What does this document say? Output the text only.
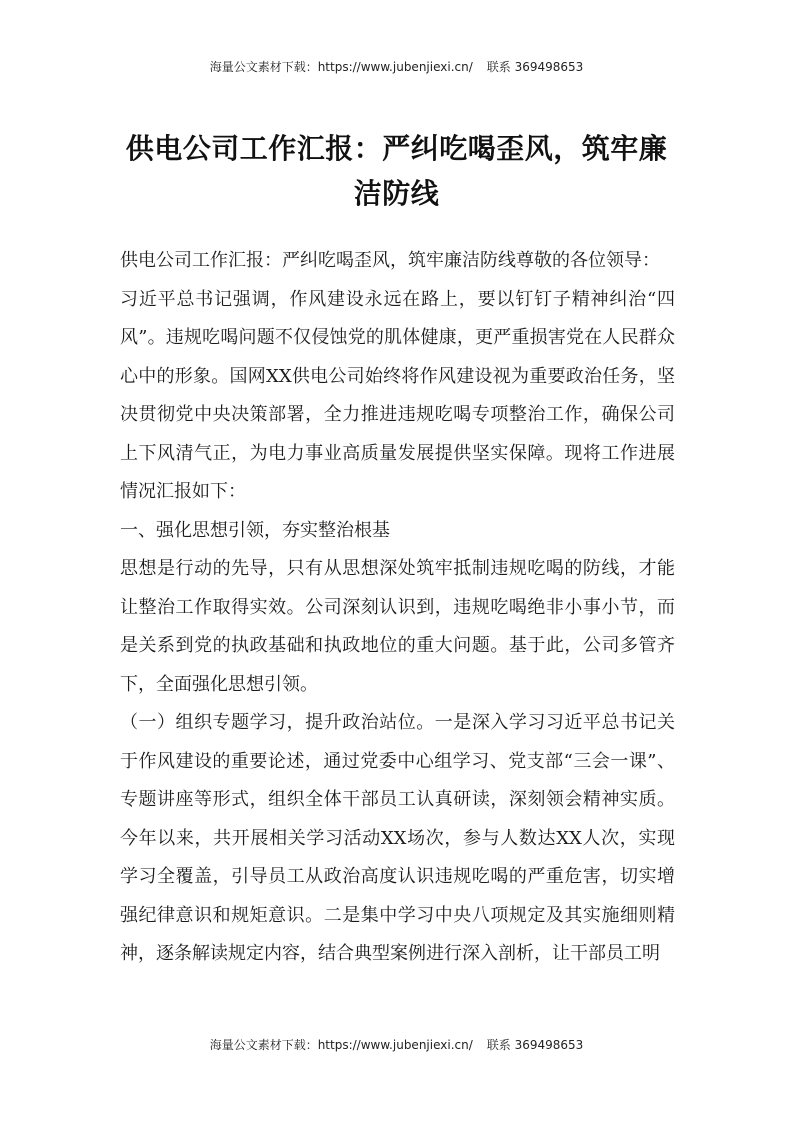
海量公文素材下载：https://www.jubenjiexi.cn/ 联系 369498653
供电公司工作汇报：严纠吃喝歪风，筑牢廉洁防线

供电公司工作汇报：严纠吃喝歪风，筑牢廉洁防线尊敬的各位领导：

习近平总书记强调，作风建设永远在路上，要以钉钉子精神纠治“四风”。违规吃喝问题不仅侵蚀党的肌体健康，更严重损害党在人民群众心中的形象。国网XX供电公司始终将作风建设视为重要政治任务，坚决贯彻党中央决策部署，全力推进违规吃喝专项整治工作，确保公司上下风清气正，为电力事业高质量发展提供坚实保障。现将工作进展情况汇报如下：

一、强化思想引领，夯实整治根基

思想是行动的先导，只有从思想深处筑牢抵制违规吃喝的防线，才能让整治工作取得实效。公司深刻认识到，违规吃喝绝非小事小节，而是关系到党的执政基础和执政地位的重大问题。基于此，公司多管齐下，全面强化思想引领。

（一）组织专题学习，提升政治站位。一是深入学习习近平总书记关于作风建设的重要论述，通过党委中心组学习、党支部“三会一课”、专题讲座等形式，组织全体干部员工认真研读，深刻领会精神实质。今年以来，共开展相关学习活动XX场次，参与人数达XX人次，实现学习全覆盖，引导员工从政治高度认识违规吃喝的严重危害，切实增强纪律意识和规矩意识。二是集中学习中央八项规定及其实施细则精神，逐条解读规定内容，结合典型案例进行深入剖析，让干部员工明

海量公文素材下载：https://www.jubenjiexi.cn/ 联系 369498653
